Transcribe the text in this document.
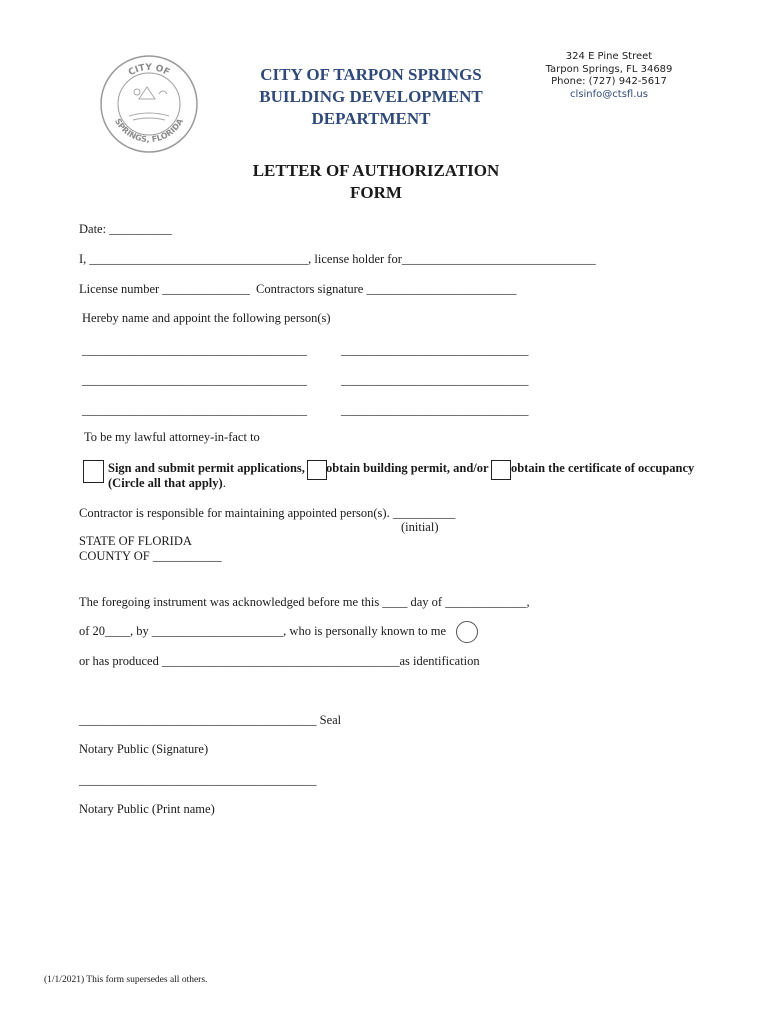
CITY OF
SPRINGS, FLORIDA
CITY OF TARPON SPRINGS
BUILDING DEVELOPMENT
DEPARTMENT
324 E Pine Street
Tarpon Springs, FL 34689
Phone: (727) 942-5617
clsinfo@ctsfl.us
LETTER OF AUTHORIZATION
FORM
Date: __________
I, ___________________________________, license holder for_______________________________
License number ______________  Contractors signature ________________________
Hereby name and appoint the following person(s)
____________________________________	______________________________
____________________________________	______________________________
____________________________________	______________________________
To be my lawful attorney-in-fact to
Sign and submit permit applications, obtain building permit, and/or obtain the certificate of occupancy
(Circle all that apply).
Contractor is responsible for maintaining appointed person(s). __________
(initial)
STATE OF FLORIDA
COUNTY OF ___________
The foregoing instrument was acknowledged before me this ____ day of _____________,
of 20____, by _____________________, who is personally known to me
or has produced ______________________________________as identification
______________________________________ Seal
Notary Public (Signature)
______________________________________
Notary Public (Print name)
(1/1/2021) This form supersedes all others.
